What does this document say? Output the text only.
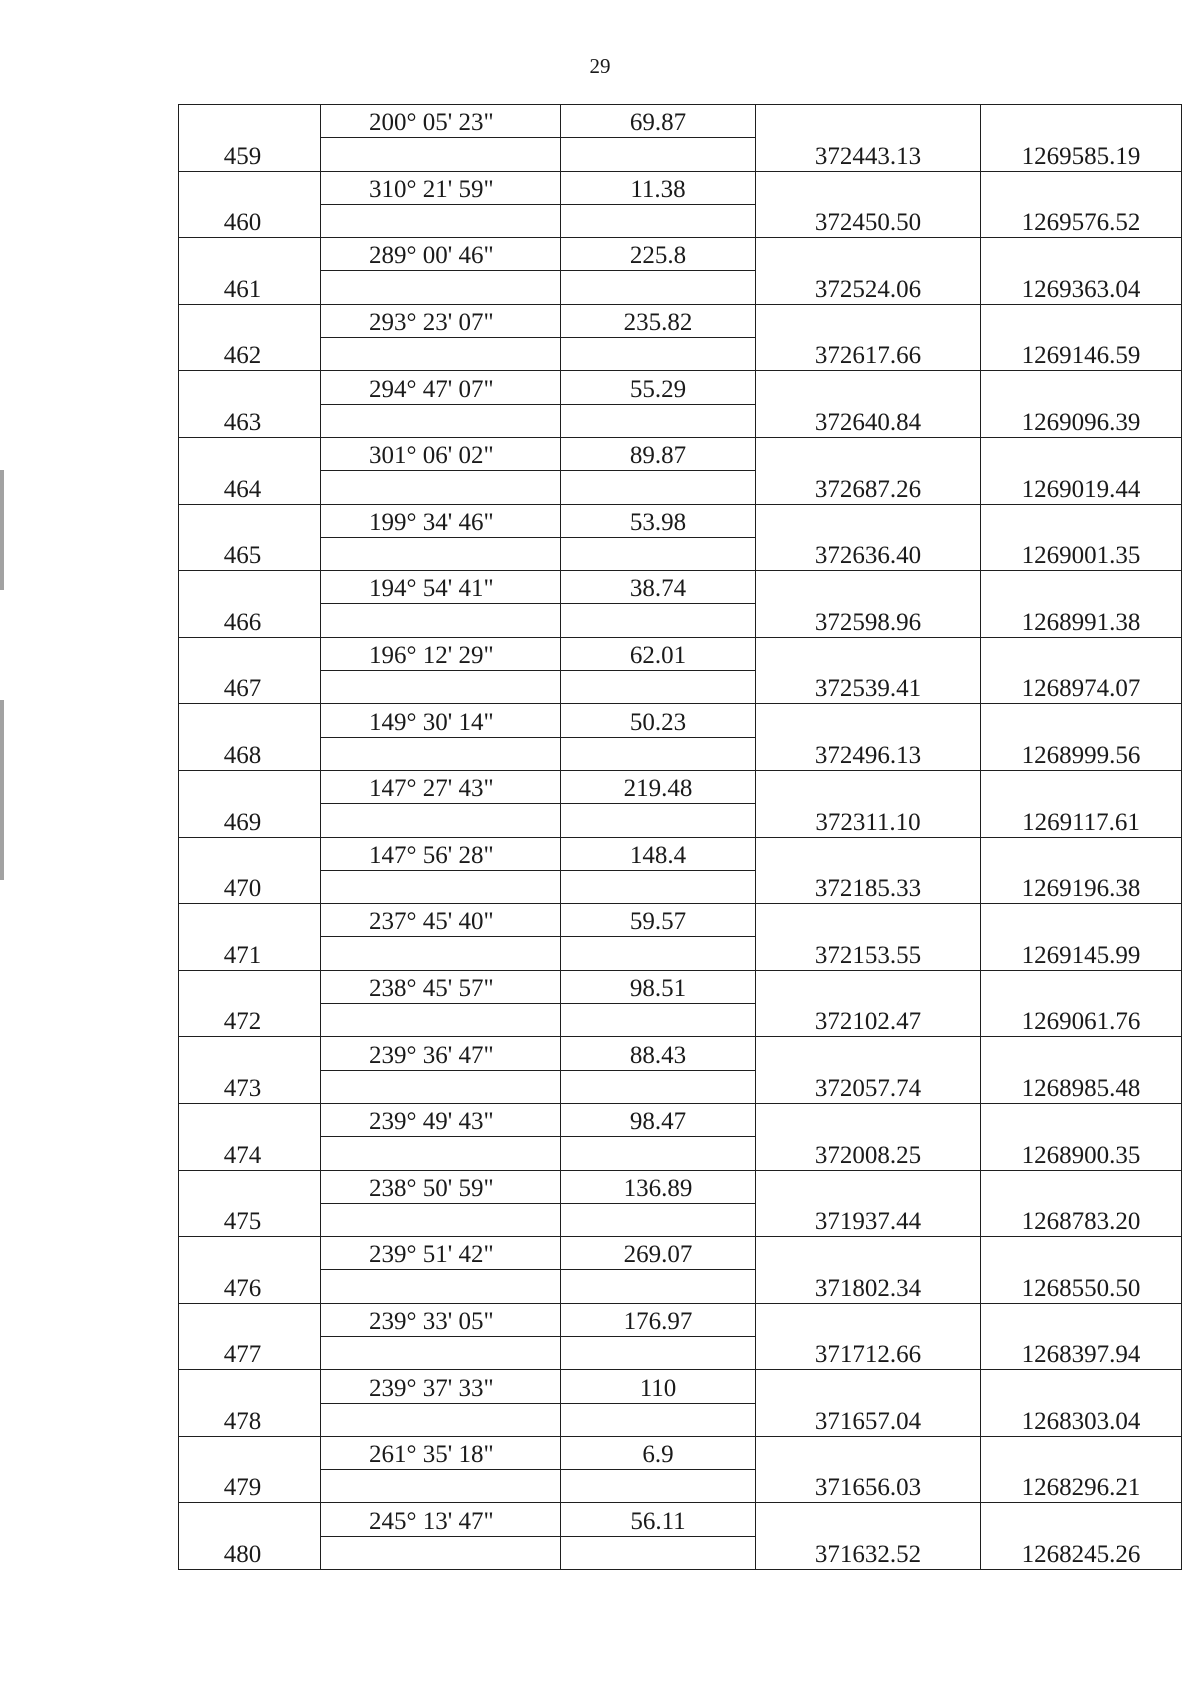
29
	200° 05' 23"	69.87		
459			372443.13	1269585.19
	310° 21' 59"	11.38		
460			372450.50	1269576.52
	289° 00' 46"	225.8		
461			372524.06	1269363.04
	293° 23' 07"	235.82		
462			372617.66	1269146.59
	294° 47' 07"	55.29		
463			372640.84	1269096.39
	301° 06' 02"	89.87		
464			372687.26	1269019.44
	199° 34' 46"	53.98		
465			372636.40	1269001.35
	194° 54' 41"	38.74		
466			372598.96	1268991.38
	196° 12' 29"	62.01		
467			372539.41	1268974.07
	149° 30' 14"	50.23		
468			372496.13	1268999.56
	147° 27' 43"	219.48		
469			372311.10	1269117.61
	147° 56' 28"	148.4		
470			372185.33	1269196.38
	237° 45' 40"	59.57		
471			372153.55	1269145.99
	238° 45' 57"	98.51		
472			372102.47	1269061.76
	239° 36' 47"	88.43		
473			372057.74	1268985.48
	239° 49' 43"	98.47		
474			372008.25	1268900.35
	238° 50' 59"	136.89		
475			371937.44	1268783.20
	239° 51' 42"	269.07		
476			371802.34	1268550.50
	239° 33' 05"	176.97		
477			371712.66	1268397.94
	239° 37' 33"	110		
478			371657.04	1268303.04
	261° 35' 18"	6.9		
479			371656.03	1268296.21
	245° 13' 47"	56.11		
480			371632.52	1268245.26
